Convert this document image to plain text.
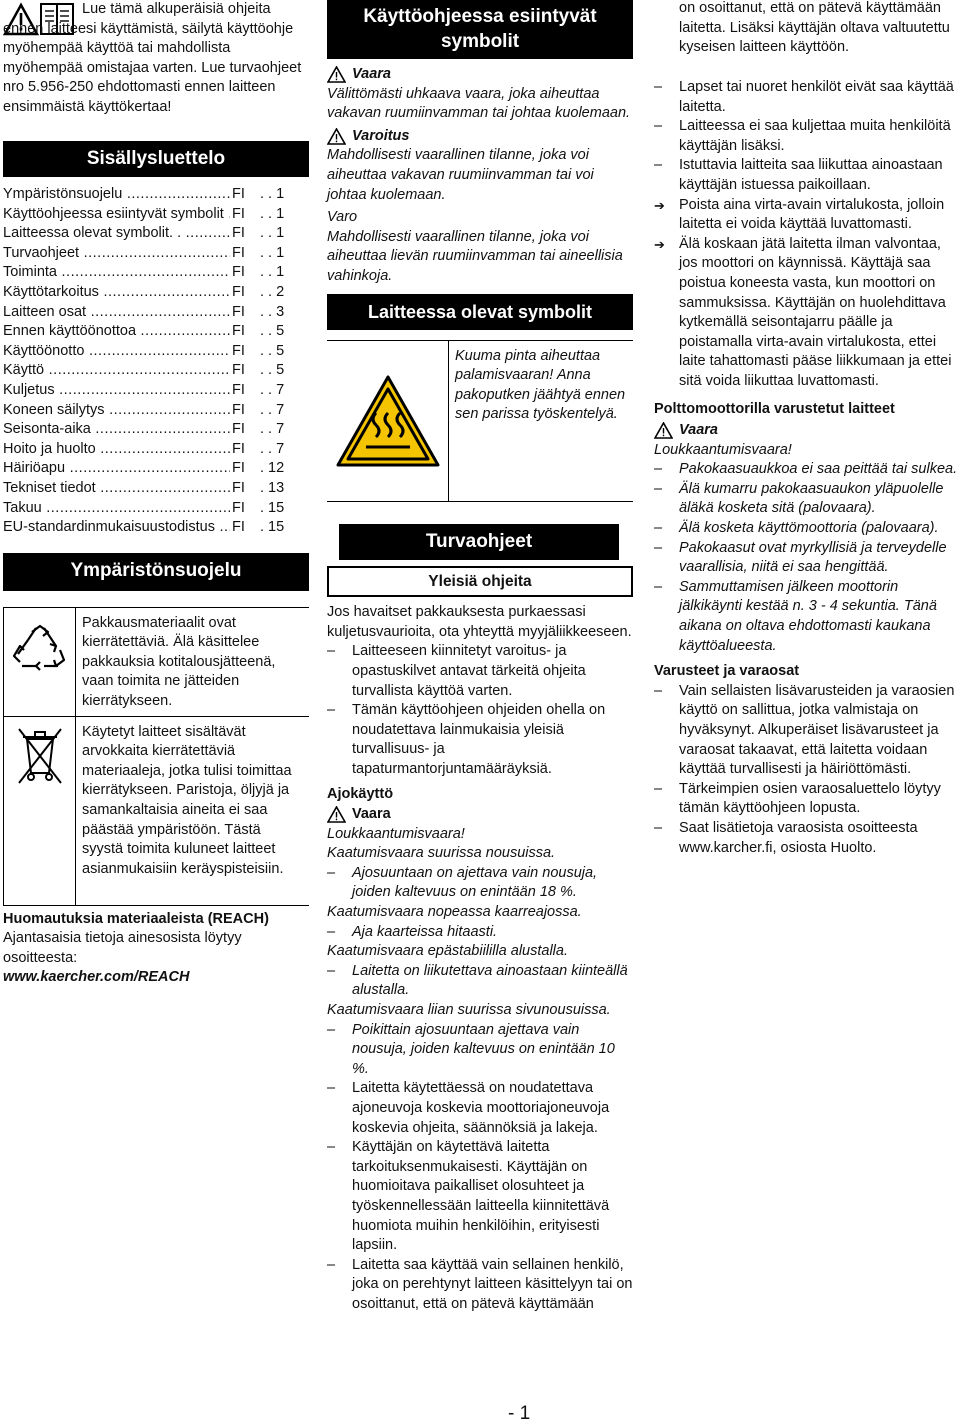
Lue tämä alkuperäisiä ohjeita ennen laitteesi käyttämistä, säilytä käyttöohje myöhempää käyttöä tai mahdollista myöhempää omistajaa varten. Lue turvaohjeet nro 5.956-250 ehdottomasti ennen laitteen ensimmäistä käyttökertaa!

Sisällysluettelo
Ympäristönsuojelu .....	FI	. . 1
Käyttöohjeessa esiintyvät symbolit ..... FI	. . 1
Laitteessa olevat symbolit. . .....	FI	. . 1
Turvaohjeet .....	FI	. . 1
Toiminta .....	FI	. . 1
Käyttötarkoitus .....	FI	. . 2
Laitteen osat .....	FI	. . 3
Ennen käyttöönottoa .....	FI	. . 5
Käyttöönotto .....	FI	. . 5
Käyttö .....	FI	. . 5
Kuljetus .....	FI	. . 7
Koneen säilytys .....	FI	. . 7
Seisonta-aika .....	FI	. . 7
Hoito ja huolto .....	FI	. . 7
Häiriöapu .....	FI	. 12
Tekniset tiedot .....	FI	. 13
Takuu .....	FI	. 15
EU-standardinmukaisuustodistus .....	FI	. 15
Ympäristönsuojelu
Pakkausmateriaalit ovat kierrätettäviä. Älä käsittelee pakkauksia kotitalousjätteenä, vaan toimita ne jätteiden kierrätykseen.
Käytetyt laitteet sisältävät arvokkaita kierrätettäviä materiaaleja, jotka tulisi toimittaa kierrätykseen. Paristoja, öljyjä ja samankaltaisia aineita ei saa päästää ympäristöön. Tästä syystä toimita kuluneet laitteet asianmukaisiin keräyspisteisiin.
Huomautuksia materiaaleista (REACH)
Ajantasaisia tietoja ainesosista löytyy osoitteesta:
www.kaercher.com/REACH
Käyttöohjeessa esiintyvät symbolit
Vaara

Välittömästi uhkaava vaara, joka aiheuttaa vakavan ruumiinvamman tai johtaa kuolemaan.

Varoitus

Mahdollisesti vaarallinen tilanne, joka voi aiheuttaa vakavan ruumiinvamman tai voi johtaa kuolemaan.

Varo

Mahdollisesti vaarallinen tilanne, joka voi aiheuttaa lievän ruumiinvamman tai aineellisia vahinkoja.

Laitteessa olevat symbolit
Kuuma pinta aiheuttaa palamisvaaran! Anna pakoputken jäähtyä ennen sen parissa työskentelyä.
Turvaohjeet
Yleisiä ohjeita

Jos havaitset pakkauksesta purkaessasi kuljetusvaurioita, ota yhteyttä myyjäliikkeeseen.

– Laitteeseen kiinnitetyt varoitus- ja opastuskilvet antavat tärkeitä ohjeita turvallista käyttöä varten.
– Tämän käyttöohjeen ohjeiden ohella on noudatettava lainmukaisia yleisiä turvallisuus- ja tapaturmantorjuntamääräyksiä.
Ajokäyttö
Vaara
Loukkaantumisvaara!
Kaatumisvaara suurissa nousuissa.
– Ajosuuntaan on ajettava vain nousuja, joiden kaltevuus on enintään 18 %.
Kaatumisvaara nopeassa kaarreajossa.
– Aja kaarteissa hitaasti.
Kaatumisvaara epästabiililla alustalla.
– Laitetta on liikutettava ainoastaan kiinteällä alustalla.
Kaatumisvaara liian suurissa sivunousuissa.
– Poikittain ajosuuntaan ajettava vain nousuja, joiden kaltevuus on enintään 10 %.
– Laitetta käytettäessä on noudatettava ajoneuvoja koskevia moottoriajoneuvoja koskevia ohjeita, säännöksiä ja lakeja.
– Käyttäjän on käytettävä laitetta tarkoituksenmukaisesti. Käyttäjän on huomioitava paikalliset olosuhteet ja työskennellessään laitteella kiinnitettävä huomiota muihin henkilöihin, erityisesti lapsiin.
– Laitetta saa käyttää vain sellainen henkilö, joka on perehtynyt laitteen käsittelyyn tai on osoittanut, että on pätevä käyttämään
on osoittanut, että on pätevä käyttämään laitetta. Lisäksi käyttäjän oltava valtuutettu kyseisen laitteen käyttöön.
– Lapset tai nuoret henkilöt eivät saa käyttää laitetta.
– Laitteessa ei saa kuljettaa muita henkilöitä käyttäjän lisäksi.
– Istuttavia laitteita saa liikuttaa ainoastaan käyttäjän istuessa paikoillaan.
➔ Poista aina virta-avain virtalukosta, jolloin laitetta ei voida käyttää luvattomasti.
➔ Älä koskaan jätä laitetta ilman valvontaa, jos moottori on käynnissä. Käyttäjä saa poistua koneesta vasta, kun moottori on sammuksissa. Käyttäjän on huolehdittava kytkemällä seisontajarru päälle ja poistamalla virta-avain virtalukosta, ettei laite tahattomasti pääse liikkumaan ja ettei sitä voida liikuttaa luvattomasti.
Polttomoottorilla varustetut laitteet
Vaara
Loukkaantumisvaara!
– Pakokaasuaukkoa ei saa peittää tai sulkea.
– Älä kumarru pakokaasuaukon yläpuolelle äläkä kosketa sitä (palovaara).
– Älä kosketa käyttömoottoria (palovaara).
– Pakokaasut ovat myrkyllisiä ja terveydelle vaarallisia, niitä ei saa hengittää.
– Sammuttamisen jälkeen moottorin jälkikäynti kestää n. 3 - 4 sekuntia. Tänä aikana on oltava ehdottomasti kaukana käyttöalueesta.
Varusteet ja varaosat
– Vain sellaisten lisävarusteiden ja varaosien käyttö on sallittua, jotka valmistaja on hyväksynyt. Alkuperäiset lisävarusteet ja varaosat takaavat, että laitetta voidaan käyttää turvallisesti ja häiriöttömästi.
– Tärkeimpien osien varaosaluettelo löytyy tämän käyttöohjeen lopusta.
– Saat lisätietoja varaosista osoitteesta www.karcher.fi, osiosta Huolto.
- 1
